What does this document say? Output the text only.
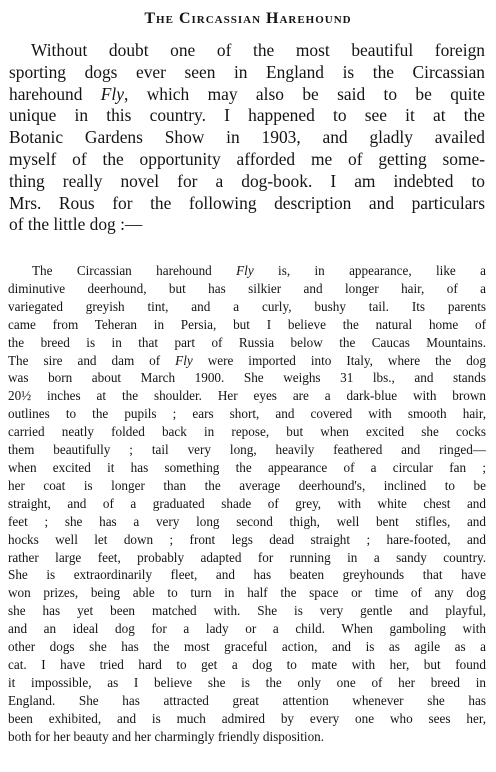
The Circassian Harehound
Without doubt one of the most beautiful foreign
sporting dogs ever seen in England is the Circassian
harehound Fly, which may also be said to be quite
unique in this country. I happened to see it at the
Botanic Gardens Show in 1903, and gladly availed
myself of the opportunity afforded me of getting some-
thing really novel for a dog-book. I am indebted to
Mrs. Rous for the following description and particulars
of the little dog :—
The Circassian harehound Fly is, in appearance, like a
diminutive deerhound, but has silkier and longer hair, of a
variegated greyish tint, and a curly, bushy tail. Its parents
came from Teheran in Persia, but I believe the natural home of
the breed is in that part of Russia below the Caucas Mountains.
The sire and dam of Fly were imported into Italy, where the dog
was born about March 1900. She weighs 31 lbs., and stands
20½ inches at the shoulder. Her eyes are a dark-blue with brown
outlines to the pupils ; ears short, and covered with smooth hair,
carried neatly folded back in repose, but when excited she cocks
them beautifully ; tail very long, heavily feathered and ringed—
when excited it has something the appearance of a circular fan ;
her coat is longer than the average deerhound's, inclined to be
straight, and of a graduated shade of grey, with white chest and
feet ; she has a very long second thigh, well bent stifles, and
hocks well let down ; front legs dead straight ; hare-footed, and
rather large feet, probably adapted for running in a sandy country.
She is extraordinarily fleet, and has beaten greyhounds that have
won prizes, being able to turn in half the space or time of any dog
she has yet been matched with. She is very gentle and playful,
and an ideal dog for a lady or a child. When gamboling with
other dogs she has the most graceful action, and is as agile as a
cat. I have tried hard to get a dog to mate with her, but found
it impossible, as I believe she is the only one of her breed in
England. She has attracted great attention whenever she has
been exhibited, and is much admired by every one who sees her,
both for her beauty and her charmingly friendly disposition.
